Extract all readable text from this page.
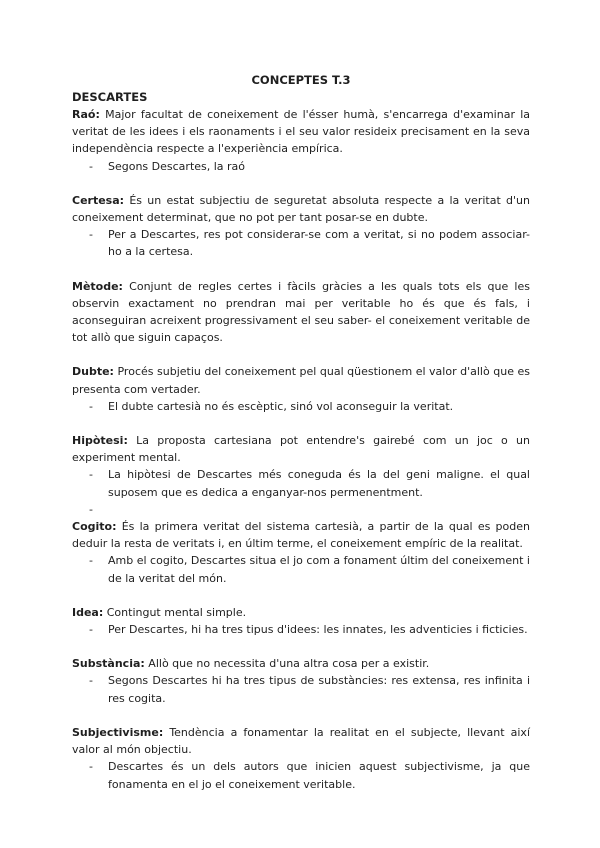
CONCEPTES T.3
DESCARTES

Raó: Major facultat de coneixement de l'ésser humà, s'encarrega d'examinar la veritat de les idees i els raonaments i el seu valor resideix precisament en la seva independència respecte a l'experiència empírica.

- Segons Descartes, la raó

Certesa: És un estat subjectiu de seguretat absoluta respecte a la veritat d'un coneixement determinat, que no pot per tant posar-se en dubte.

- Per a Descartes, res pot considerar-se com a veritat, si no podem associar-ho a la certesa.

Mètode: Conjunt de regles certes i fàcils gràcies a les quals tots els que les observin exactament no prendran mai per veritable ho és que és fals, i aconseguiran acreixent progressivament el seu saber- el coneixement veritable de tot allò que siguin capaços.

Dubte: Procés subjetiu del coneixement pel qual qüestionem el valor d'allò que es presenta com vertader.

- El dubte cartesià no és escèptic, sinó vol aconseguir la veritat.

Hipòtesi: La proposta cartesiana pot entendre's gairebé com un joc o un experiment mental.

- La hipòtesi de Descartes més coneguda és la del geni maligne. el qual suposem que es dedica a enganyar-nos permenentment.
-

Cogito: És la primera veritat del sistema cartesià, a partir de la qual es poden deduir la resta de veritats i, en últim terme, el coneixement empíric de la realitat.

- Amb el cogito, Descartes situa el jo com a fonament últim del coneixement i de la veritat del món.

Idea: Contingut mental simple.

- Per Descartes, hi ha tres tipus d'idees: les innates, les adventicies i ficticies.

Substància: Allò que no necessita d'una altra cosa per a existir.

- Segons Descartes hi ha tres tipus de substàncies: res extensa, res infinita i res cogita.

Subjectivisme: Tendència a fonamentar la realitat en el subjecte, llevant així valor al món objectiu.

- Descartes és un dels autors que inicien aquest subjectivisme, ja que fonamenta en el jo el coneixement veritable.
